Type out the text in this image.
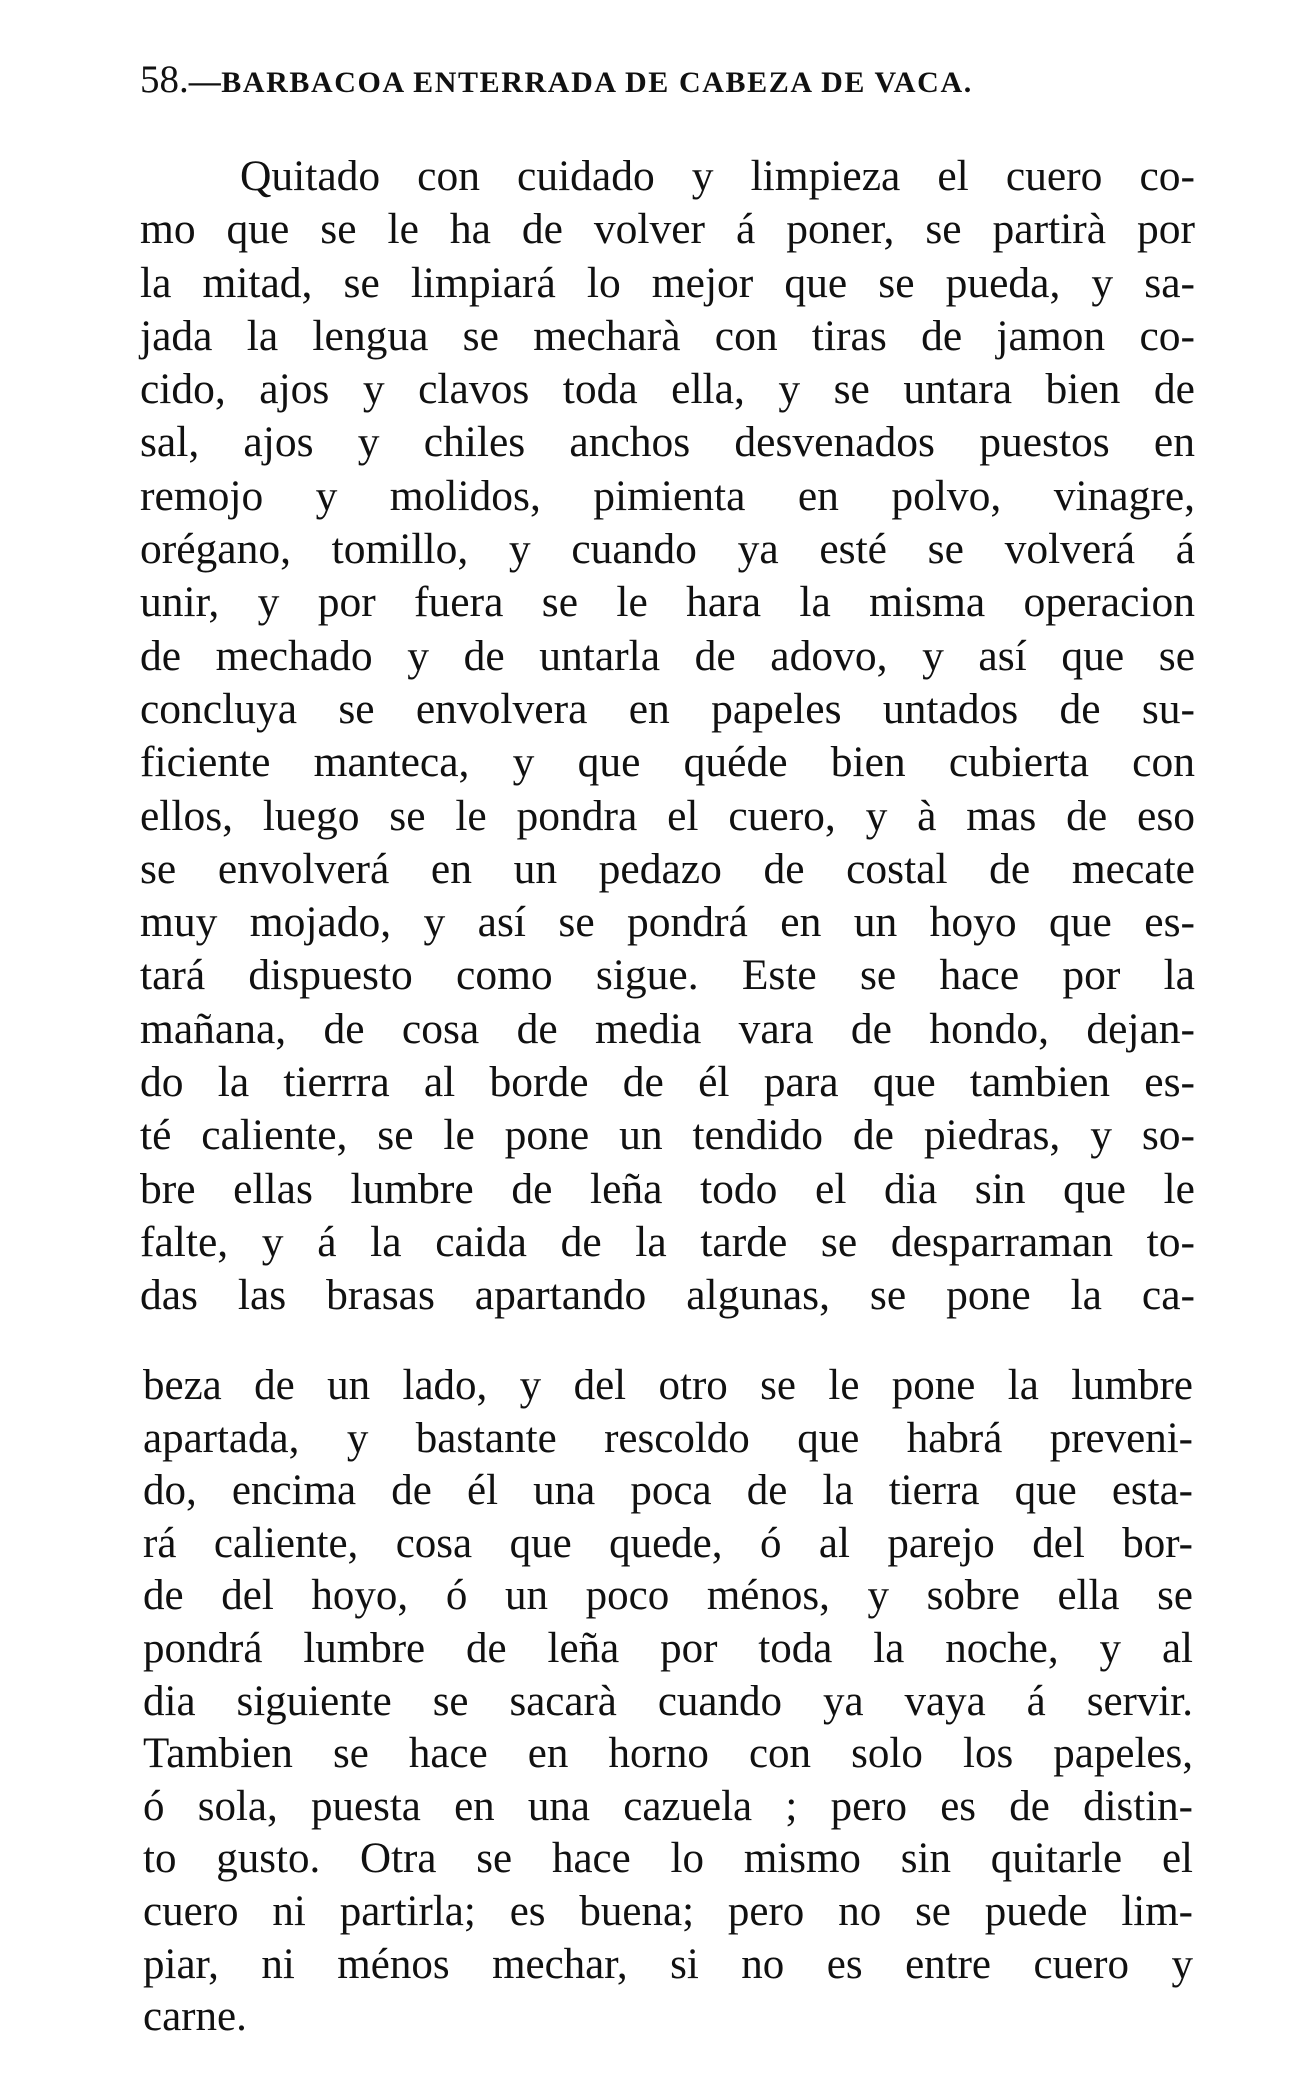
58.—BARBACOA ENTERRADA DE CABEZA DE VACA.
Quitado con cuidado y limpieza el cuero co-
mo que se le ha de volver á poner, se partirà por
la mitad, se limpiará lo mejor que se pueda, y sa-
jada la lengua se mecharà con tiras de jamon co-
cido, ajos y clavos toda ella, y se untara bien de
sal, ajos y chiles anchos desvenados puestos en
remojo y molidos, pimienta en polvo, vinagre,
orégano, tomillo, y cuando ya esté se volverá á
unir, y por fuera se le hara la misma operacion
de mechado y de untarla de adovo, y así que se
concluya se envolvera en papeles untados de su-
ficiente manteca, y que quéde bien cubierta con
ellos, luego se le pondra el cuero, y à mas de eso
se envolverá en un pedazo de costal de mecate
muy mojado, y así se pondrá en un hoyo que es-
tará dispuesto como sigue. Este se hace por la
mañana, de cosa de media vara de hondo, dejan-
do la tierrra al borde de él para que tambien es-
té caliente, se le pone un tendido de piedras, y so-
bre ellas lumbre de leña todo el dia sin que le
falte, y á la caida de la tarde se desparraman to-
das las brasas apartando algunas, se pone la ca-
beza de un lado, y del otro se le pone la lumbre
apartada, y bastante rescoldo que habrá preveni-
do, encima de él una poca de la tierra que esta-
rá caliente, cosa que quede, ó al parejo del bor-
de del hoyo, ó un poco ménos, y sobre ella se
pondrá lumbre de leña por toda la noche, y al
dia siguiente se sacarà cuando ya vaya á servir.
Tambien se hace en horno con solo los papeles,
ó sola, puesta en una cazuela ; pero es de distin-
to gusto. Otra se hace lo mismo sin quitarle el
cuero ni partirla; es buena; pero no se puede lim-
piar, ni ménos mechar, si no es entre cuero y
carne.
